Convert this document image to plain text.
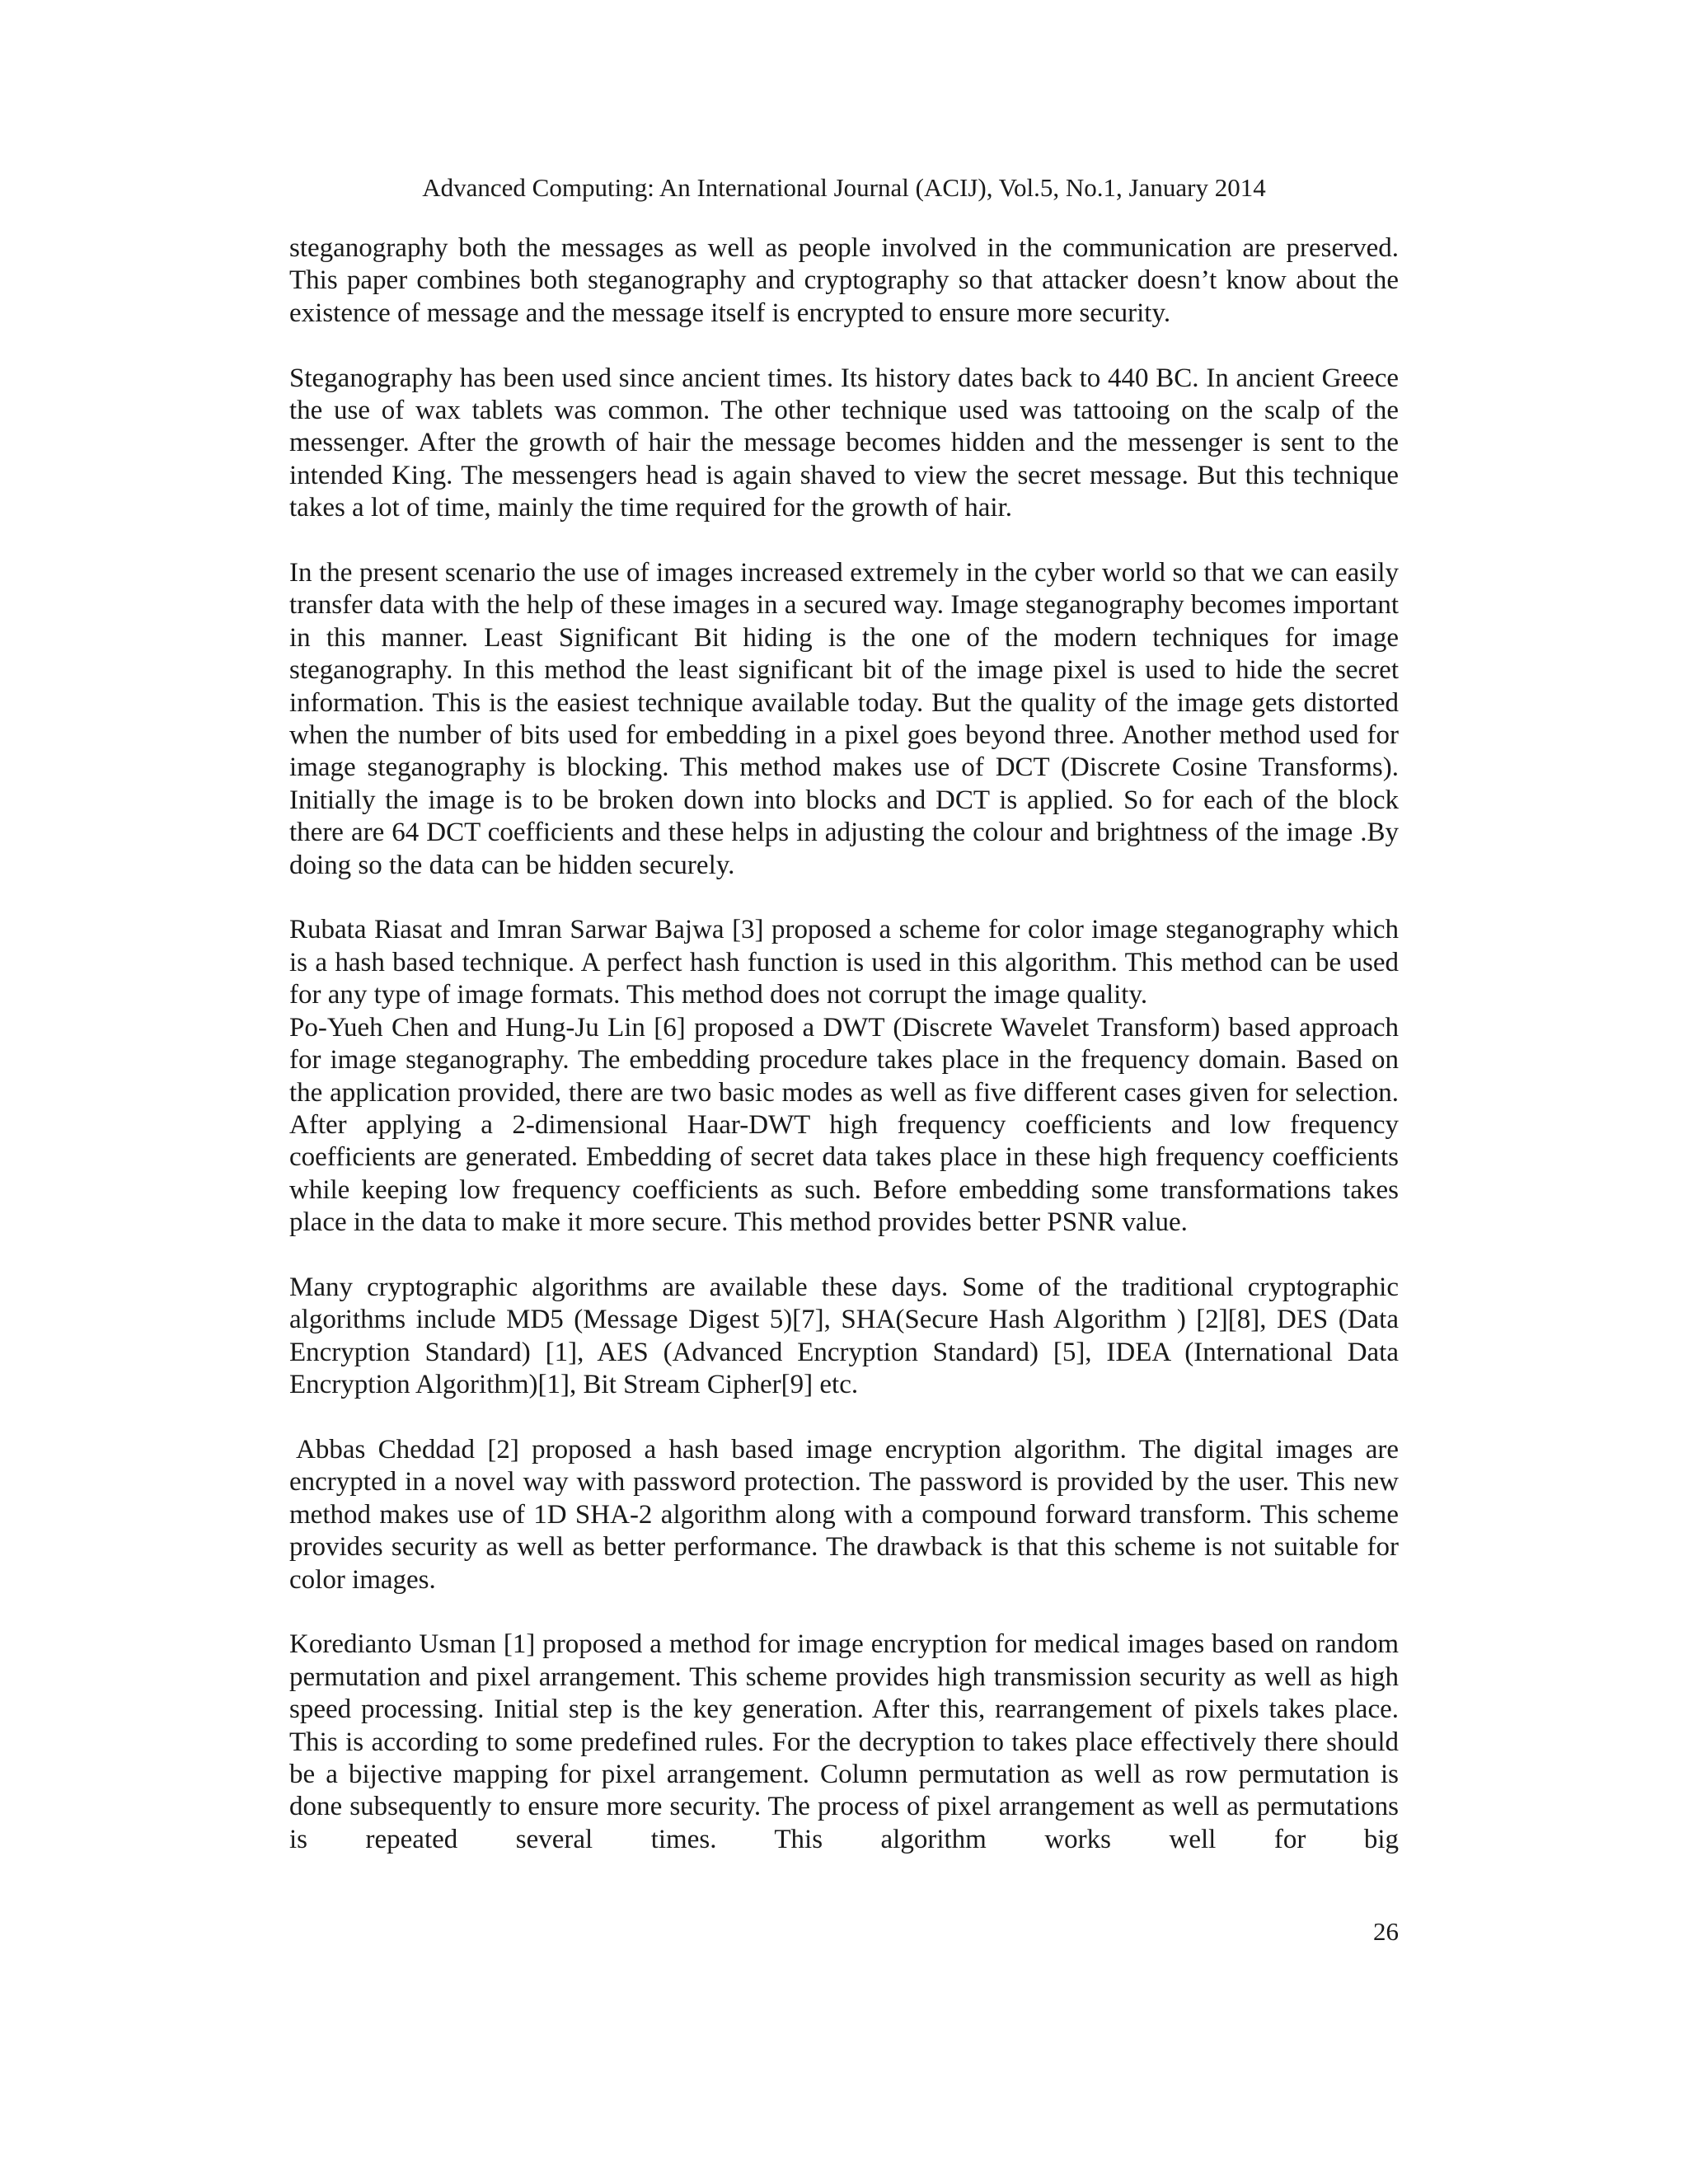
Advanced Computing: An International Journal (ACIJ), Vol.5, No.1, January 2014

steganography both the messages as well as people involved in the communication are preserved. This paper combines both steganography and cryptography so that attacker doesn’t know about the existence of message and the message itself is encrypted to ensure more security.

Steganography has been used since ancient times. Its history dates back to 440 BC. In ancient Greece the use of wax tablets was common. The other technique used was tattooing on the scalp of the messenger. After the growth of hair the message becomes hidden and the messenger is sent to the intended King. The messengers head is again shaved to view the secret message. But this technique takes a lot of time, mainly the time required for the growth of hair.

In the present scenario the use of images increased extremely in the cyber world so that we can easily transfer data with the help of these images in a secured way. Image steganography becomes important in this manner. Least Significant Bit hiding is the one of the modern techniques for image steganography. In this method the least significant bit of the image pixel is used to hide the secret information. This is the easiest technique available today. But the quality of the image gets distorted when the number of bits used for embedding in a pixel goes beyond three. Another method used for image steganography is blocking. This method makes use of DCT (Discrete Cosine Transforms). Initially the image is to be broken down into blocks and DCT is applied. So for each of the block there are 64 DCT coefficients and these helps in adjusting the colour and brightness of the image .By doing so the data can be hidden securely.

Rubata Riasat and Imran Sarwar Bajwa [3] proposed a scheme for color image steganography which is a hash based technique. A perfect hash function is used in this algorithm. This method can be used for any type of image formats. This method does not corrupt the image quality.

Po-Yueh Chen and Hung-Ju Lin [6] proposed a DWT (Discrete Wavelet Transform) based approach for image steganography. The embedding procedure takes place in the frequency domain. Based on the application provided, there are two basic modes as well as five different cases given for selection. After applying a 2-dimensional Haar-DWT high frequency coefficients and low frequency coefficients are generated. Embedding of secret data takes place in these high frequency coefficients while keeping low frequency coefficients as such. Before embedding some transformations takes place in the data to make it more secure. This method provides better PSNR value.

Many cryptographic algorithms are available these days. Some of the traditional cryptographic algorithms include MD5 (Message Digest 5)[7], SHA(Secure Hash Algorithm ) [2][8], DES (Data Encryption Standard) [1], AES (Advanced Encryption Standard) [5], IDEA (International Data Encryption Algorithm)[1], Bit Stream Cipher[9] etc.

Abbas Cheddad [2] proposed a hash based image encryption algorithm. The digital images are encrypted in a novel way with password protection. The password is provided by the user. This new method makes use of 1D SHA-2 algorithm along with a compound forward transform. This scheme provides security as well as better performance. The drawback is that this scheme is not suitable for color images.

Koredianto Usman [1] proposed a method for image encryption for medical images based on random permutation and pixel arrangement. This scheme provides high transmission security as well as high speed processing. Initial step is the key generation. After this, rearrangement of pixels takes place. This is according to some predefined rules. For the decryption to takes place effectively there should be a bijective mapping for pixel arrangement. Column permutation as well as row permutation is done subsequently to ensure more security. The process of pixel arrangement as well as permutations is repeated several times. This algorithm works well for big

26
